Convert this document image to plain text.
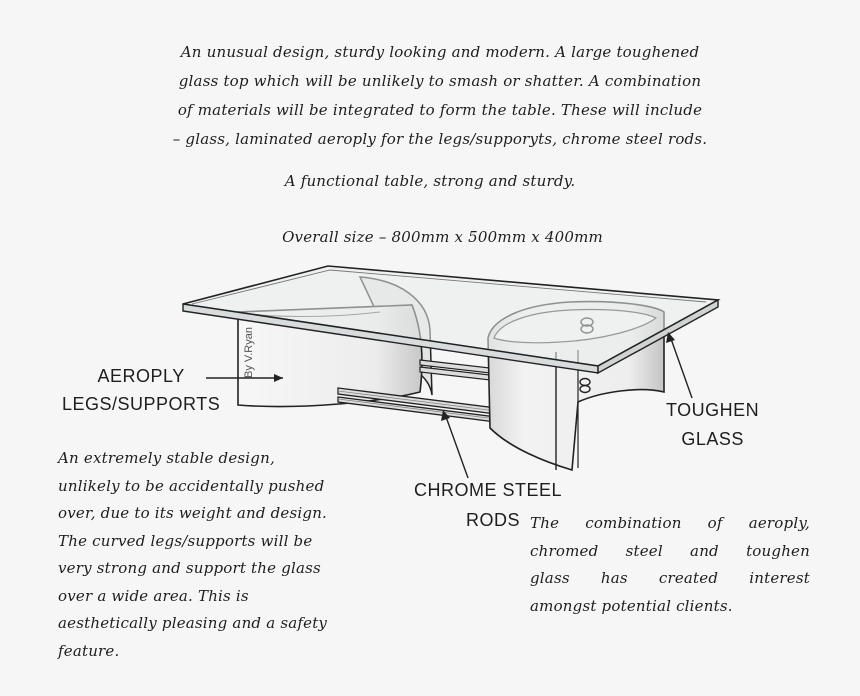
An unusual design, sturdy looking and modern. A large toughened
glass top which will be unlikely to smash or shatter. A combination
of materials will be integrated to form the table. These will include
– glass, laminated aeroply for the legs/supporyts, chrome steel rods.
A functional table, strong and sturdy.
Overall size – 800mm x 500mm x 400mm
By V.Ryan
AEROPLY
LEGS/SUPPORTS	TOUGHEN
GLASS
CHROME STEEL
RODS
An extremely stable design,
unlikely to be accidentally pushed
over, due to its weight and design.
The curved legs/supports will be
very strong and support the glass
over a wide area. This is
aesthetically pleasing and a safety
feature.
The combination of aeroply,
chromed steel and toughen
glass has created interest
amongst potential clients.
